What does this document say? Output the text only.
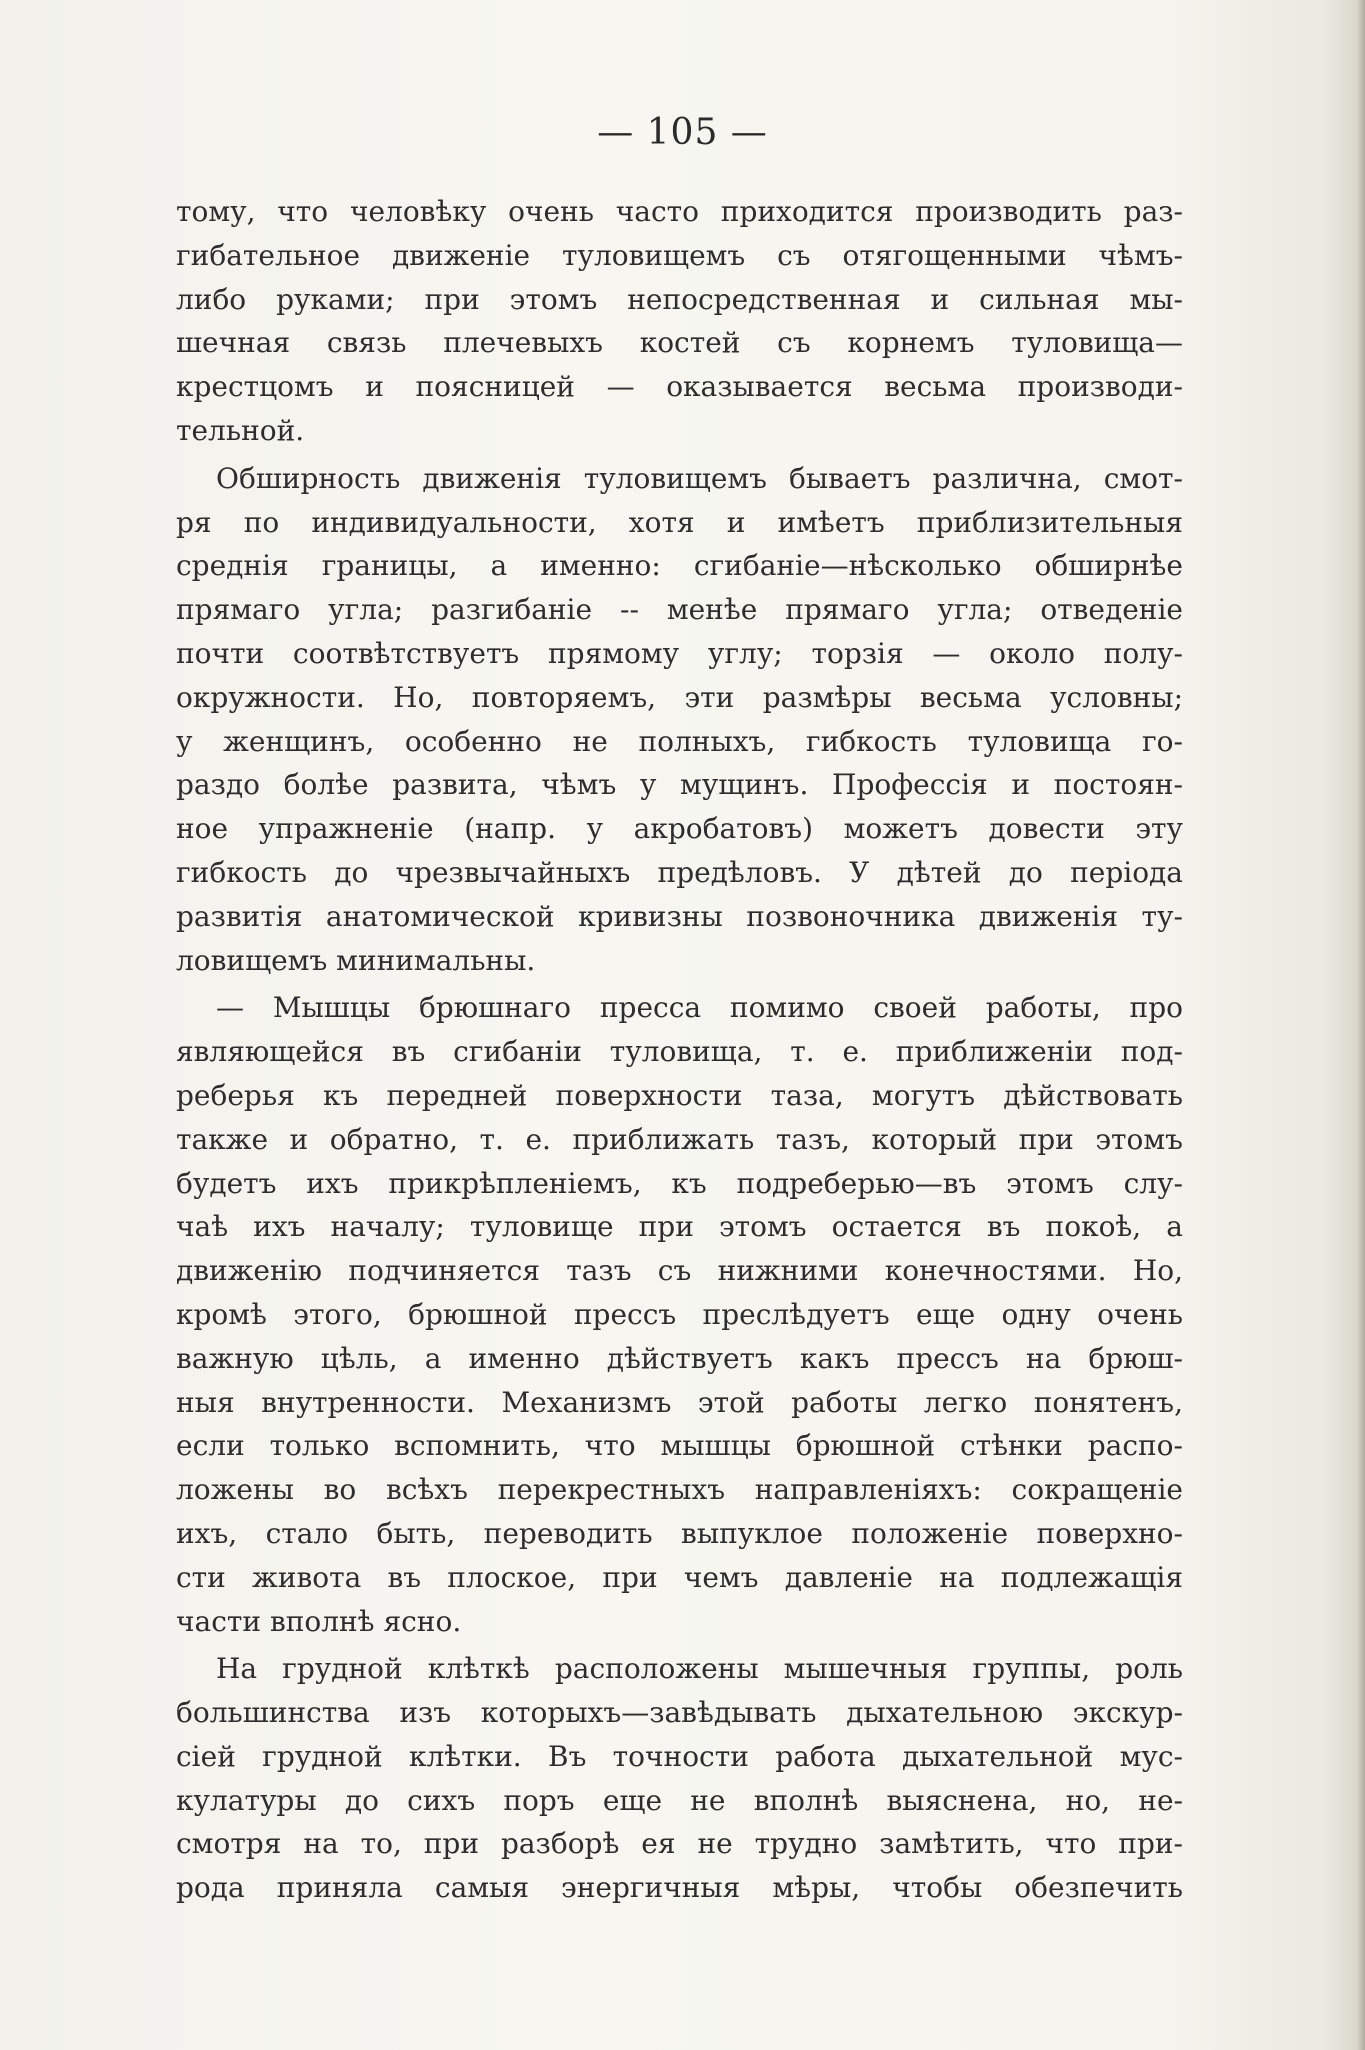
— 105 —
тому, что человѣку очень часто приходится производить раз-
гибательное движенiе туловищемъ съ отягощенными чѣмъ-
либо руками; при этомъ непосредственная и сильная мы-
шечная связь плечевыхъ костей съ корнемъ туловища—
крестцомъ и поясницей — оказывается весьма производи-
тельной.
Обширность движенiя туловищемъ бываетъ различна, смот-
ря по индивидуальности, хотя и имѣетъ приблизительныя
среднiя границы, а именно: сгибанiе—нѣсколько обширнѣе
прямаго угла; разгибанiе -- менѣе прямаго угла; отведенiе
почти соотвѣтствуетъ прямому углу; торзiя — около полу-
окружности. Но, повторяемъ, эти размѣры весьма условны;
у женщинъ, особенно не полныхъ, гибкость туловища го-
раздо болѣе развита, чѣмъ у мущинъ. Профессiя и постоян-
ное упражненiе (напр. у акробатовъ) можетъ довести эту
гибкость до чрезвычайныхъ предѣловъ. У дѣтей до перiода
развитiя анатомической кривизны позвоночника движенiя ту-
ловищемъ минимальны.
— Мышцы брюшнаго пресса помимо своей работы, про
являющейся въ сгибанiи туловища, т. е. приближенiи под-
реберья къ передней поверхности таза, могутъ дѣйствовать
также и обратно, т. е. приближать тазъ, который при этомъ
будетъ ихъ прикрѣпленiемъ, къ подреберью—въ этомъ слу-
чаѣ ихъ началу; туловище при этомъ остается въ покоѣ, а
движенiю подчиняется тазъ съ нижними конечностями. Но,
кромѣ этого, брюшной прессъ преслѣдуетъ еще одну очень
важную цѣль, а именно дѣйствуетъ какъ прессъ на брюш-
ныя внутренности. Механизмъ этой работы легко понятенъ,
если только вспомнить, что мышцы брюшной стѣнки распо-
ложены во всѣхъ перекрестныхъ направленiяхъ: сокращенiе
ихъ, стало быть, переводить выпуклое положенiе поверхно-
сти живота въ плоское, при чемъ давленiе на подлежащiя
части вполнѣ ясно.
На грудной клѣткѣ расположены мышечныя группы, роль
большинства изъ которыхъ—завѣдывать дыхательною экскур-
сiей грудной клѣтки. Въ точности работа дыхательной мус-
кулатуры до сихъ поръ еще не вполнѣ выяснена, но, не-
смотря на то, при разборѣ ея не трудно замѣтить, что при-
рода приняла самыя энергичныя мѣры, чтобы обезпечить
